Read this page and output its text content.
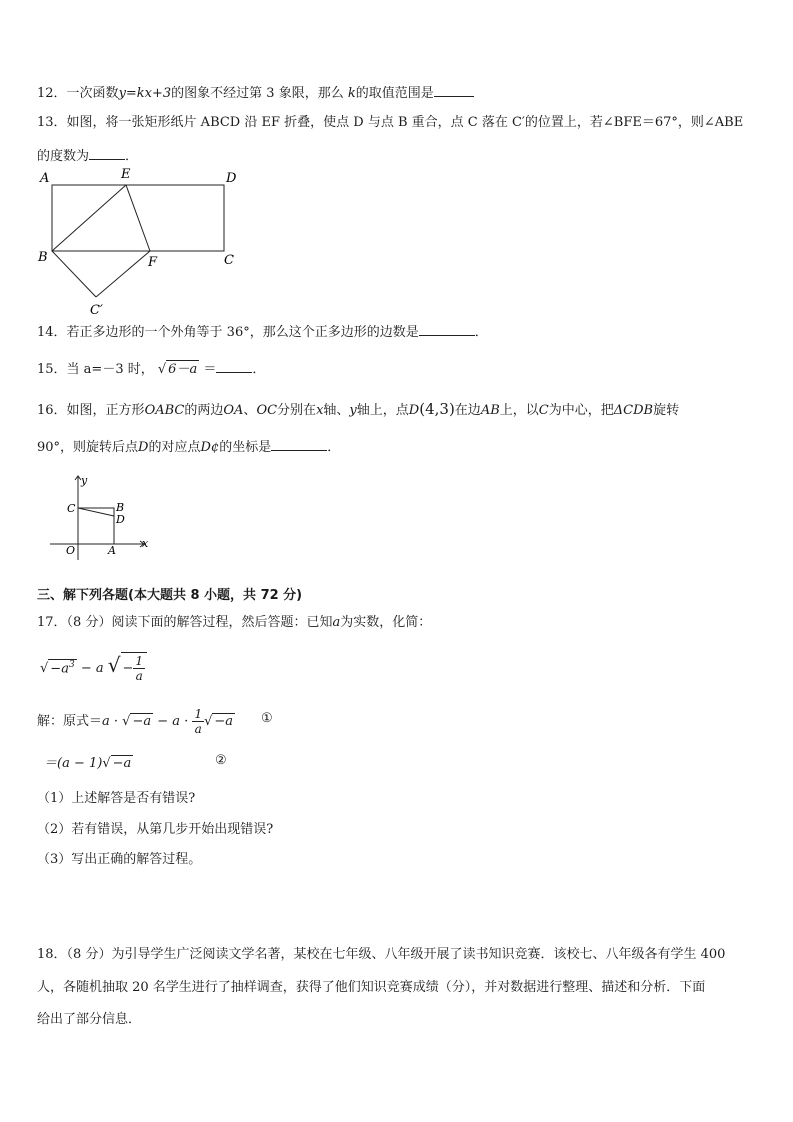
12．一次函数y=kx+3的图象不经过第 3 象限，那么 k的取值范围是
13．如图，将一张矩形纸片 ABCD 沿 EF 折叠，使点 D 与点 B 重合，点 C 落在 C′的位置上，若∠BFE＝67°，则∠ABE
的度数为	．
A	E	D
B	F	C
C′
14．若正多边形的一个外角等于 36°，那么这个正多边形的边数是	．
15．当 a=－3 时， √ 6－a ＝	．
16．如图，正方形OABC的两边OA、OC分别在x轴、y轴上，点D(4,3)在边AB上，以C为中心，把ΔCDB旋转
90°，则旋转后点D的对应点D¢的坐标是	．
y
x
C	B
D
O	A
三、解下列各题(本大题共 8 小题，共 72 分)
17．（8 分）阅读下面的解答过程，然后答题：已知a为实数，化简：
√ $-a^3 - a$ √ − $\frac{1}{a}$
解：原式＝a · √ $-a - a \cdot \frac{1}{a}$ √ −a ①
＝(a − 1)√ −a	②
（1）上述解答是否有错误?
（2）若有错误，从第几步开始出现错误?
（3）写出正确的解答过程。
18．（8 分）为引导学生广泛阅读文学名著，某校在七年级、八年级开展了读书知识竞赛．该校七、八年级各有学生 400
人，各随机抽取 20 名学生进行了抽样调查，获得了他们知识竞赛成绩（分），并对数据进行整理、描述和分析．下面
给出了部分信息．
